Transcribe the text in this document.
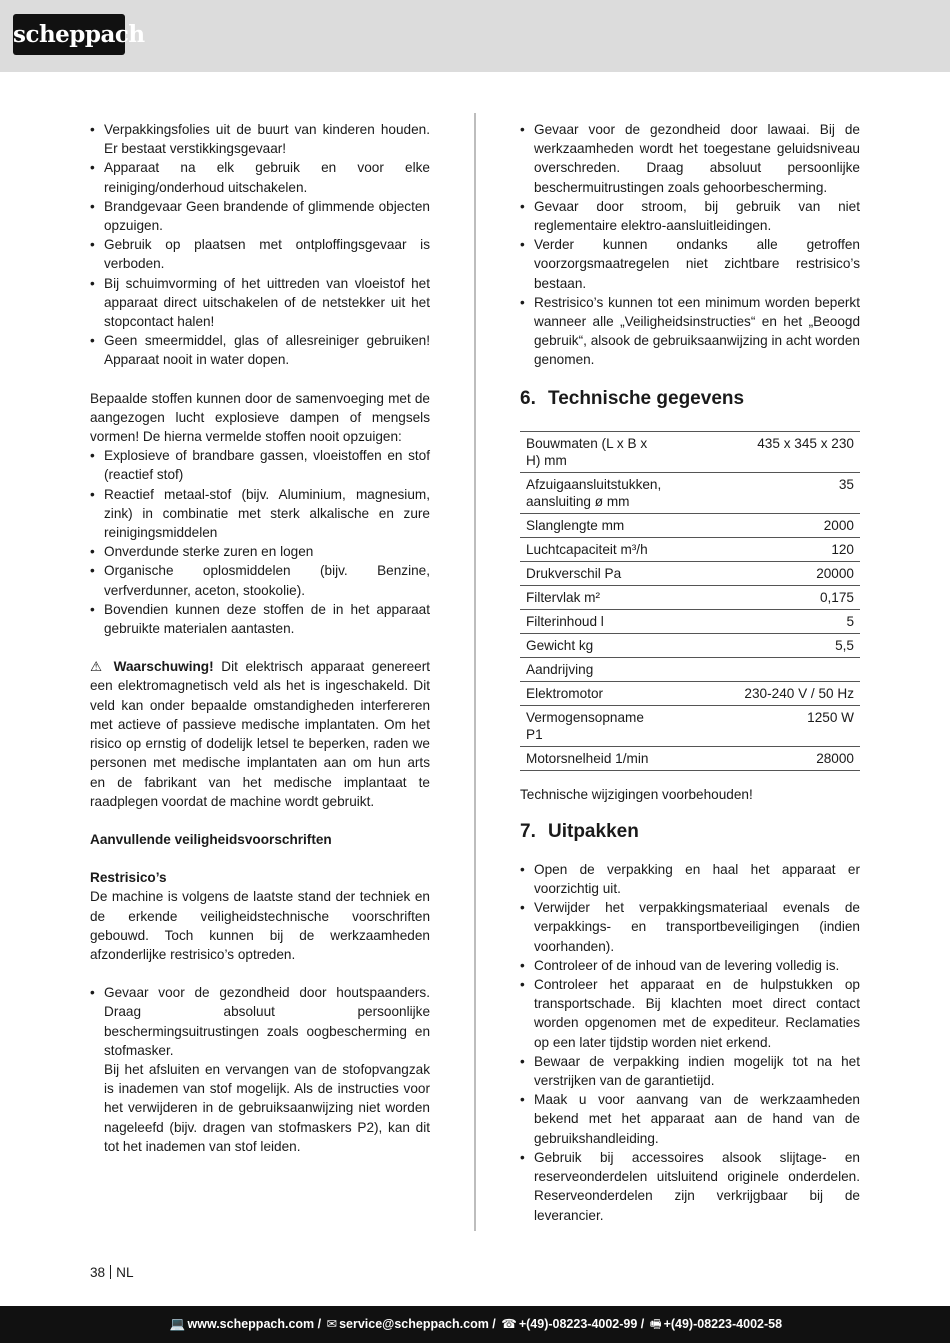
scheppach
• Verpakkingsfolies uit de buurt van kinderen houden. Er bestaat verstikkingsgevaar!
• Apparaat na elk gebruik en voor elke reiniging/onderhoud uitschakelen.
• Brandgevaar Geen brandende of glimmende objecten opzuigen.
• Gebruik op plaatsen met ontploffingsgevaar is verboden.
• Bij schuimvorming of het uittreden van vloeistof het apparaat direct uitschakelen of de netstekker uit het stopcontact halen!
• Geen smeermiddel, glas of allesreiniger gebruiken! Apparaat nooit in water dopen.

Bepaalde stoffen kunnen door de samenvoeging met de aangezogen lucht explosieve dampen of mengsels vormen! De hierna vermelde stoffen nooit opzuigen:

• Explosieve of brandbare gassen, vloeistoffen en stof (reactief stof)
• Reactief metaal-stof (bijv. Aluminium, magnesium, zink) in combinatie met sterk alkalische en zure reinigingsmiddelen
• Onverdunde sterke zuren en logen
• Organische oplosmiddelen (bijv. Benzine, verfverdunner, aceton, stookolie).
• Bovendien kunnen deze stoffen de in het apparaat gebruikte materialen aantasten.

⚠ Waarschuwing! Dit elektrisch apparaat genereert een elektromagnetisch veld als het is ingeschakeld. Dit veld kan onder bepaalde omstandigheden interfereren met actieve of passieve medische implantaten. Om het risico op ernstig of dodelijk letsel te beperken, raden we personen met medische implantaten aan om hun arts en de fabrikant van het medische implantaat te raadplegen voordat de machine wordt gebruikt.

Aanvullende veiligheidsvoorschriften

Restrisico’s

De machine is volgens de laatste stand der techniek en de erkende veiligheidstechnische voorschriften gebouwd. Toch kunnen bij de werkzaamheden afzonderlijke restrisico’s optreden.

• Gevaar voor de gezondheid door houtspaanders. Draag absoluut persoonlijke beschermingsuitrustingen zoals oogbescherming en stofmasker.
Bij het afsluiten en vervangen van de stofopvangzak is inademen van stof mogelijk. Als de instructies voor het verwijderen in de gebruiksaanwijzing niet worden nageleefd (bijv. dragen van stofmaskers P2), kan dit tot het inademen van stof leiden.
• Gevaar voor de gezondheid door lawaai. Bij de werkzaamheden wordt het toegestane geluidsniveau overschreden. Draag absoluut persoonlijke beschermuitrustingen zoals gehoorbescherming.
• Gevaar door stroom, bij gebruik van niet reglementaire elektro-aansluitleidingen.
• Verder kunnen ondanks alle getroffen voorzorgsmaatregelen niet zichtbare restrisico’s bestaan.
• Restrisico’s kunnen tot een minimum worden beperkt wanneer alle „Veiligheidsinstructies“ en het „Beoogd gebruik“, alsook de gebruiksaanwijzing in acht worden genomen.
6. Technische gegevens
Bouwmaten (L x B x H) mm	435 x 345 x 230
Afzuigaansluitstukken, aansluiting ø mm	35
Slanglengte mm	2000
Luchtcapaciteit m³/h	120
Drukverschil Pa	20000
Filtervlak m²	0,175
Filterinhoud l	5
Gewicht kg	5,5
Aandrijving	
Elektromotor	230-240 V / 50 Hz
Vermogensopname P1	1250 W
Motorsnelheid 1/min	28000

Technische wijzigingen voorbehouden!

7. Uitpakken
• Open de verpakking en haal het apparaat er voorzichtig uit.
• Verwijder het verpakkingsmateriaal evenals de verpakkings- en transportbeveiligingen (indien voorhanden).
• Controleer of de inhoud van de levering volledig is.
• Controleer het apparaat en de hulpstukken op transportschade. Bij klachten moet direct contact worden opgenomen met de expediteur. Reclamaties op een later tijdstip worden niet erkend.
• Bewaar de verpakking indien mogelijk tot na het verstrijken van de garantietijd.
• Maak u voor aanvang van de werkzaamheden bekend met het apparaat aan de hand van de gebruikshandleiding.
• Gebruik bij accessoires alsook slijtage- en reserveonderdelen uitsluitend originele onderdelen. Reserveonderdelen zijn verkrijgbaar bij de leverancier.
38 NL
💻 www.scheppach.com / ✉ service@scheppach.com / ☎ +(49)-08223-4002-99 / 🖷 +(49)-08223-4002-58
